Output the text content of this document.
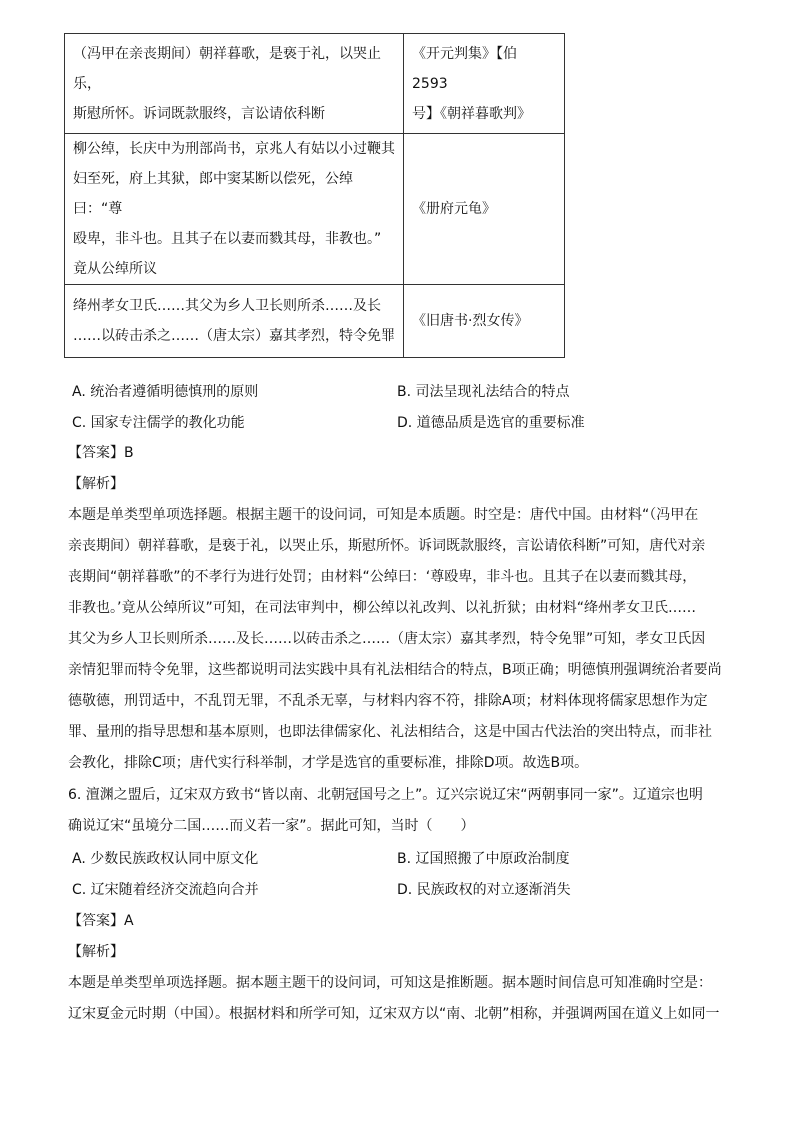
（冯甲在亲丧期间）朝祥暮歌，是亵于礼，以哭止乐，
斯慰所怀。诉词既款服终，言讼请依科断	《开元判集》【伯 2593
号】《朝祥暮歌判》

柳公绰，长庆中为刑部尚书，京兆人有姑以小过鞭其
妇至死，府上其狱，郎中窦某断以偿死，公绰曰：“尊
殴卑，非斗也。且其子在以妻而戮其母，非教也。”
竟从公绰所议	《册府元龟》

绛州孝女卫氏……其父为乡人卫长则所杀……及长
……以砖击杀之……（唐太宗）嘉其孝烈，特令免罪	《旧唐书·烈女传》
A. 统治者遵循明德慎刑的原则	B. 司法呈现礼法结合的特点
C. 国家专注儒学的教化功能	D. 道德品质是选官的重要标准
【答案】B
【解析】
本题是单类型单项选择题。根据主题干的设问词，可知是本质题。时空是：唐代中国。由材料“（冯甲在
亲丧期间）朝祥暮歌，是亵于礼，以哭止乐，斯慰所怀。诉词既款服终，言讼请依科断”可知，唐代对亲
丧期间“朝祥暮歌”的不孝行为进行处罚；由材料“公绰曰：‘尊殴卑，非斗也。且其子在以妻而戮其母，
非教也。’竟从公绰所议”可知，在司法审判中，柳公绰以礼改判、以礼折狱；由材料“绛州孝女卫氏……
其父为乡人卫长则所杀……及长……以砖击杀之……（唐太宗）嘉其孝烈，特令免罪”可知，孝女卫氏因
亲情犯罪而特令免罪，这些都说明司法实践中具有礼法相结合的特点，B项正确；明德慎刑强调统治者要尚
德敬德，刑罚适中，不乱罚无罪，不乱杀无辜，与材料内容不符，排除A项；材料体现将儒家思想作为定
罪、量刑的指导思想和基本原则，也即法律儒家化、礼法相结合，这是中国古代法治的突出特点，而非社
会教化，排除C项；唐代实行科举制，才学是选官的重要标准，排除D项。故选B项。
6. 澶渊之盟后，辽宋双方致书“皆以南、北朝冠国号之上”。辽兴宗说辽宋“两朝事同一家”。辽道宗也明
确说辽宋“虽境分二国……而义若一家”。据此可知，当时（　　）
A. 少数民族政权认同中原文化	B. 辽国照搬了中原政治制度
C. 辽宋随着经济交流趋向合并	D. 民族政权的对立逐渐消失
【答案】A
【解析】
本题是单类型单项选择题。据本题主题干的设问词，可知这是推断题。据本题时间信息可知准确时空是：
辽宋夏金元时期（中国）。根据材料和所学可知，辽宋双方以“南、北朝”相称，并强调两国在道义上如同一
